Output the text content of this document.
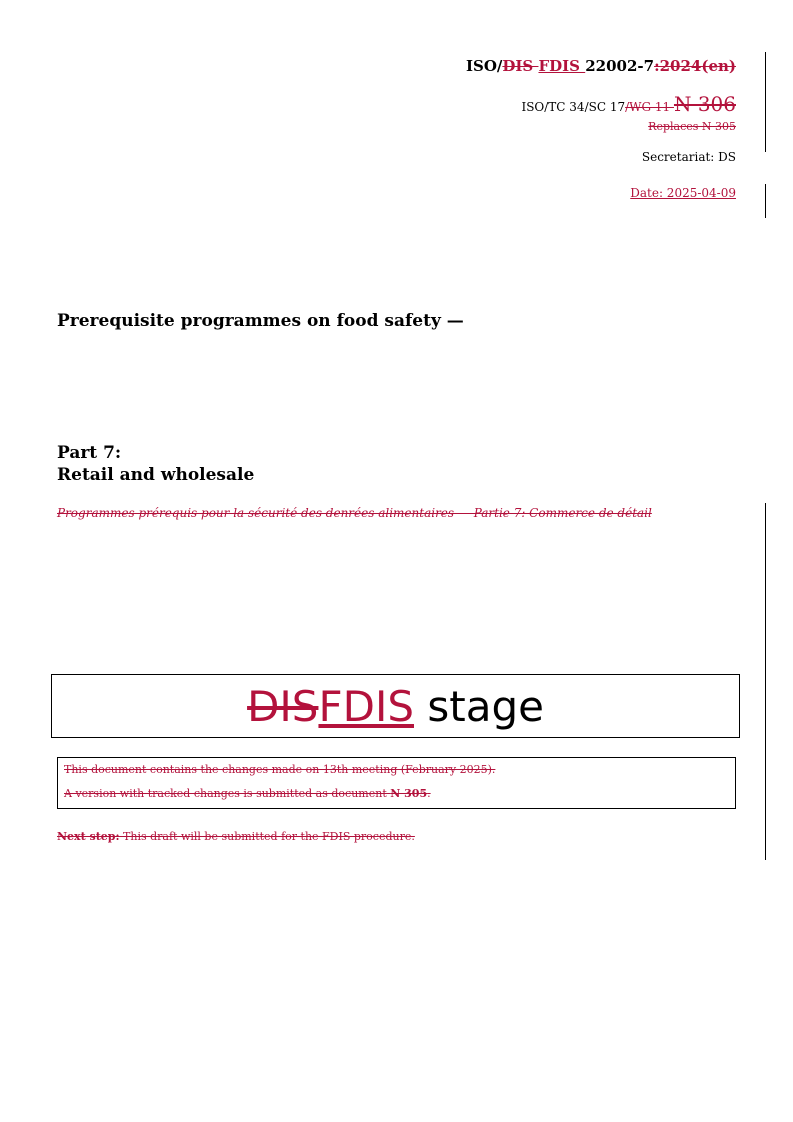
ISO/DIS FDIS 22002-7:2024(en)
ISO/TC 34/SC 17/WG 11 N 306
Replaces N 305
Secretariat: DS
Date: 2025-04-09
Prerequisite programmes on food safety —
Part 7:
Retail and wholesale
Programmes prérequis pour la sécurité des denrées alimentaires — Partie 7: Commerce de détail
DISFDIS stage

This document contains the changes made on 13th meeting (February 2025).

A version with tracked changes is submitted as document N 305.

Next step: This draft will be submitted for the FDIS procedure.
